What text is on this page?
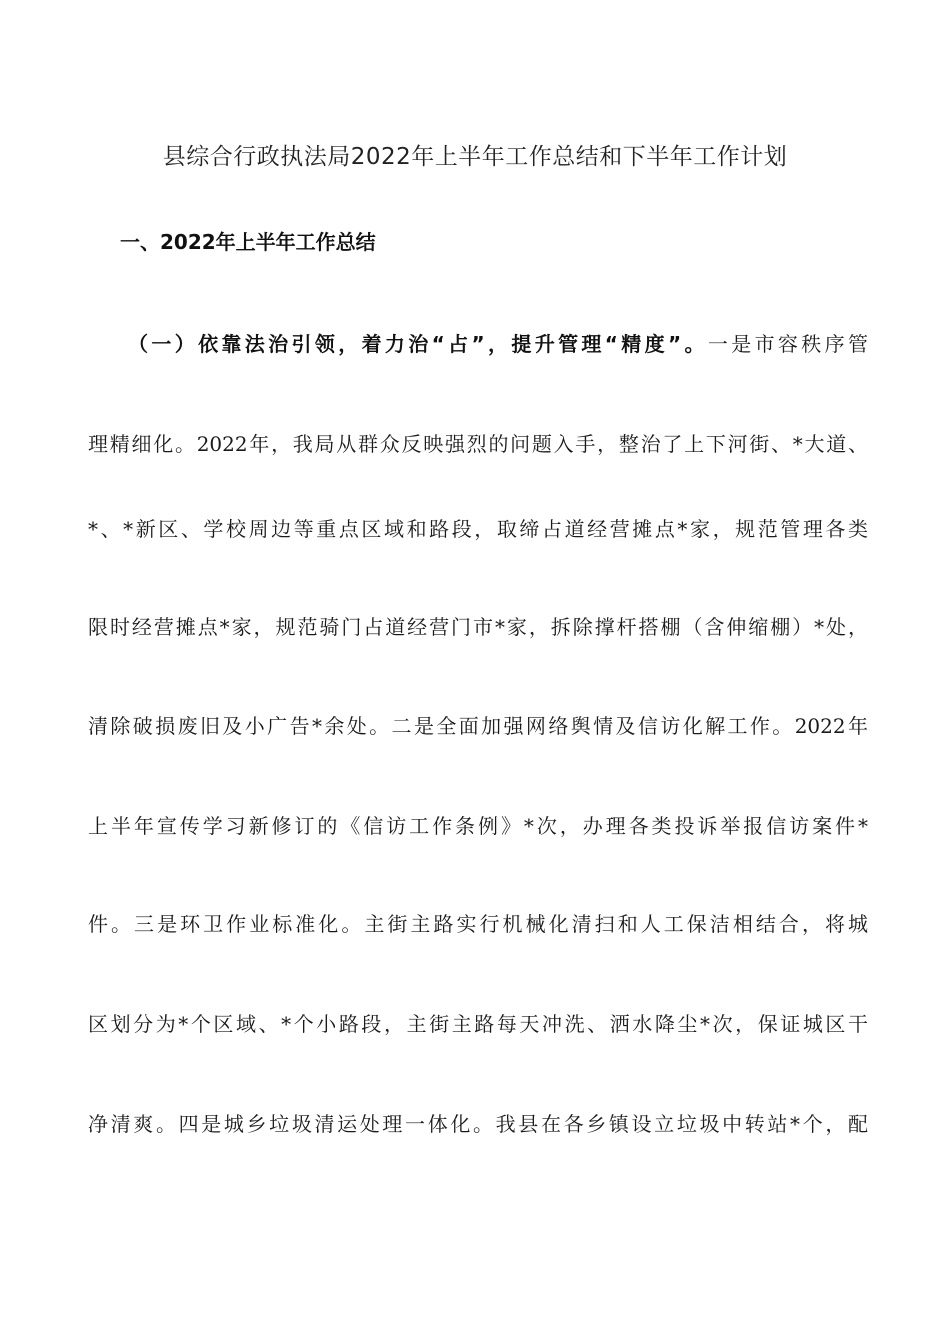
县综合行政执法局2022年上半年工作总结和下半年工作计划
一、2022年上半年工作总结

（一）依靠法治引领，着力治“占”，提升管理“精度”。一是市容秩序管

理精细化。2022年，我局从群众反映强烈的问题入手，整治了上下河街、*大道、

*、*新区、学校周边等重点区域和路段，取缔占道经营摊点*家，规范管理各类

限时经营摊点*家，规范骑门占道经营门市*家，拆除撑杆搭棚（含伸缩棚）*处，

清除破损废旧及小广告*余处。二是全面加强网络舆情及信访化解工作。2022年

上半年宣传学习新修订的《信访工作条例》*次，办理各类投诉举报信访案件*

件。三是环卫作业标准化。主街主路实行机械化清扫和人工保洁相结合，将城

区划分为*个区域、*个小路段，主街主路每天冲洗、洒水降尘*次，保证城区干

净清爽。四是城乡垃圾清运处理一体化。我县在各乡镇设立垃圾中转站*个，配
